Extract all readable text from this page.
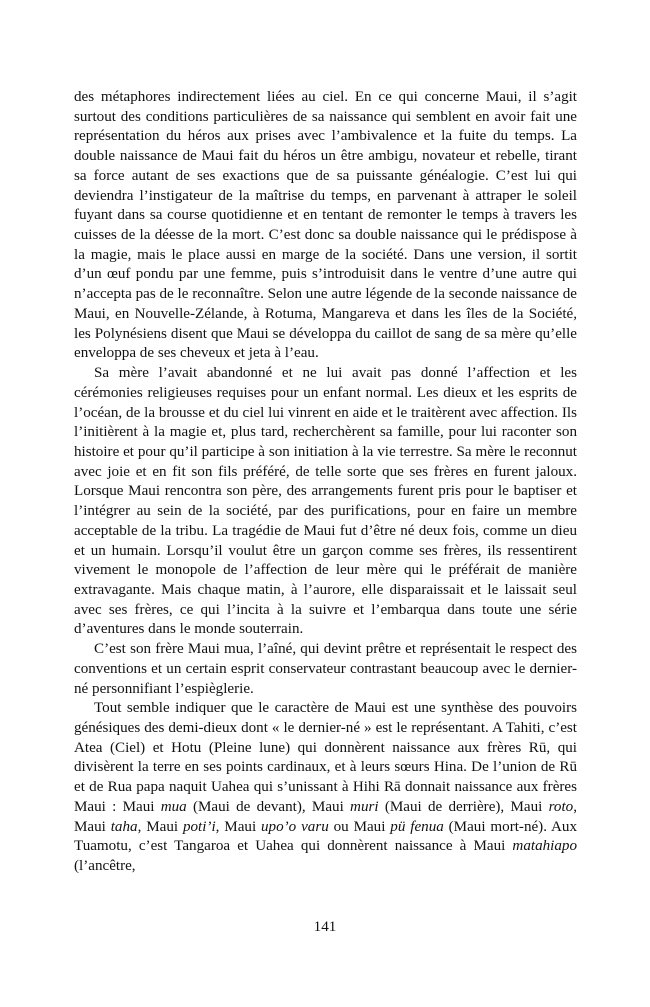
des métaphores indirectement liées au ciel. En ce qui concerne Maui, il s’agit surtout des conditions particulières de sa naissance qui semblent en avoir fait une représentation du héros aux prises avec l’ambivalence et la fuite du temps. La double naissance de Maui fait du héros un être ambigu, novateur et rebelle, tirant sa force autant de ses exactions que de sa puissante généalogie. C’est lui qui deviendra l’instigateur de la maîtrise du temps, en parvenant à attraper le soleil fuyant dans sa course quotidienne et en tentant de remonter le temps à travers les cuisses de la déesse de la mort. C’est donc sa double naissance qui le prédispose à la magie, mais le place aussi en marge de la société. Dans une version, il sortit d’un œuf pondu par une femme, puis s’introduisit dans le ventre d’une autre qui n’accepta pas de le reconnaître. Selon une autre légende de la seconde naissance de Maui, en Nouvelle-Zélande, à Rotuma, Mangareva et dans les îles de la Société, les Polynésiens disent que Maui se développa du caillot de sang de sa mère qu’elle enveloppa de ses cheveux et jeta à l’eau.

Sa mère l’avait abandonné et ne lui avait pas donné l’affection et les cérémonies religieuses requises pour un enfant normal. Les dieux et les esprits de l’océan, de la brousse et du ciel lui vinrent en aide et le traitèrent avec affection. Ils l’initièrent à la magie et, plus tard, recherchèrent sa famille, pour lui raconter son histoire et pour qu’il participe à son initiation à la vie terrestre. Sa mère le reconnut avec joie et en fit son fils préféré, de telle sorte que ses frères en furent jaloux. Lorsque Maui rencontra son père, des arrangements furent pris pour le baptiser et l’intégrer au sein de la société, par des purifications, pour en faire un membre acceptable de la tribu. La tragédie de Maui fut d’être né deux fois, comme un dieu et un humain. Lorsqu’il voulut être un garçon comme ses frères, ils ressentirent vivement le monopole de l’affection de leur mère qui le préférait de manière extravagante. Mais chaque matin, à l’aurore, elle disparaissait et le laissait seul avec ses frères, ce qui l’incita à la suivre et l’embarqua dans toute une série d’aventures dans le monde souterrain.

C’est son frère Maui mua, l’aîné, qui devint prêtre et représentait le respect des conventions et un certain esprit conservateur contrastant beaucoup avec le dernier-né personnifiant l’espièglerie.

Tout semble indiquer que le caractère de Maui est une synthèse des pouvoirs génésiques des demi-dieux dont « le dernier-né » est le représentant. A Tahiti, c’est Atea (Ciel) et Hotu (Pleine lune) qui donnèrent naissance aux frères Rū, qui divisèrent la terre en ses points cardinaux, et à leurs sœurs Hina. De l’union de Rū et de Rua papa naquit Uahea qui s’unissant à Hihi Rā donnait naissance aux frères Maui : Maui mua (Maui de devant), Maui muri (Maui de derrière), Maui roto, Maui taha, Maui poti’i, Maui upo’o varu ou Maui pü fenua (Maui mort-né). Aux Tuamotu, c’est Tangaroa et Uahea qui donnèrent naissance à Maui matahiapo (l’ancêtre,

141
